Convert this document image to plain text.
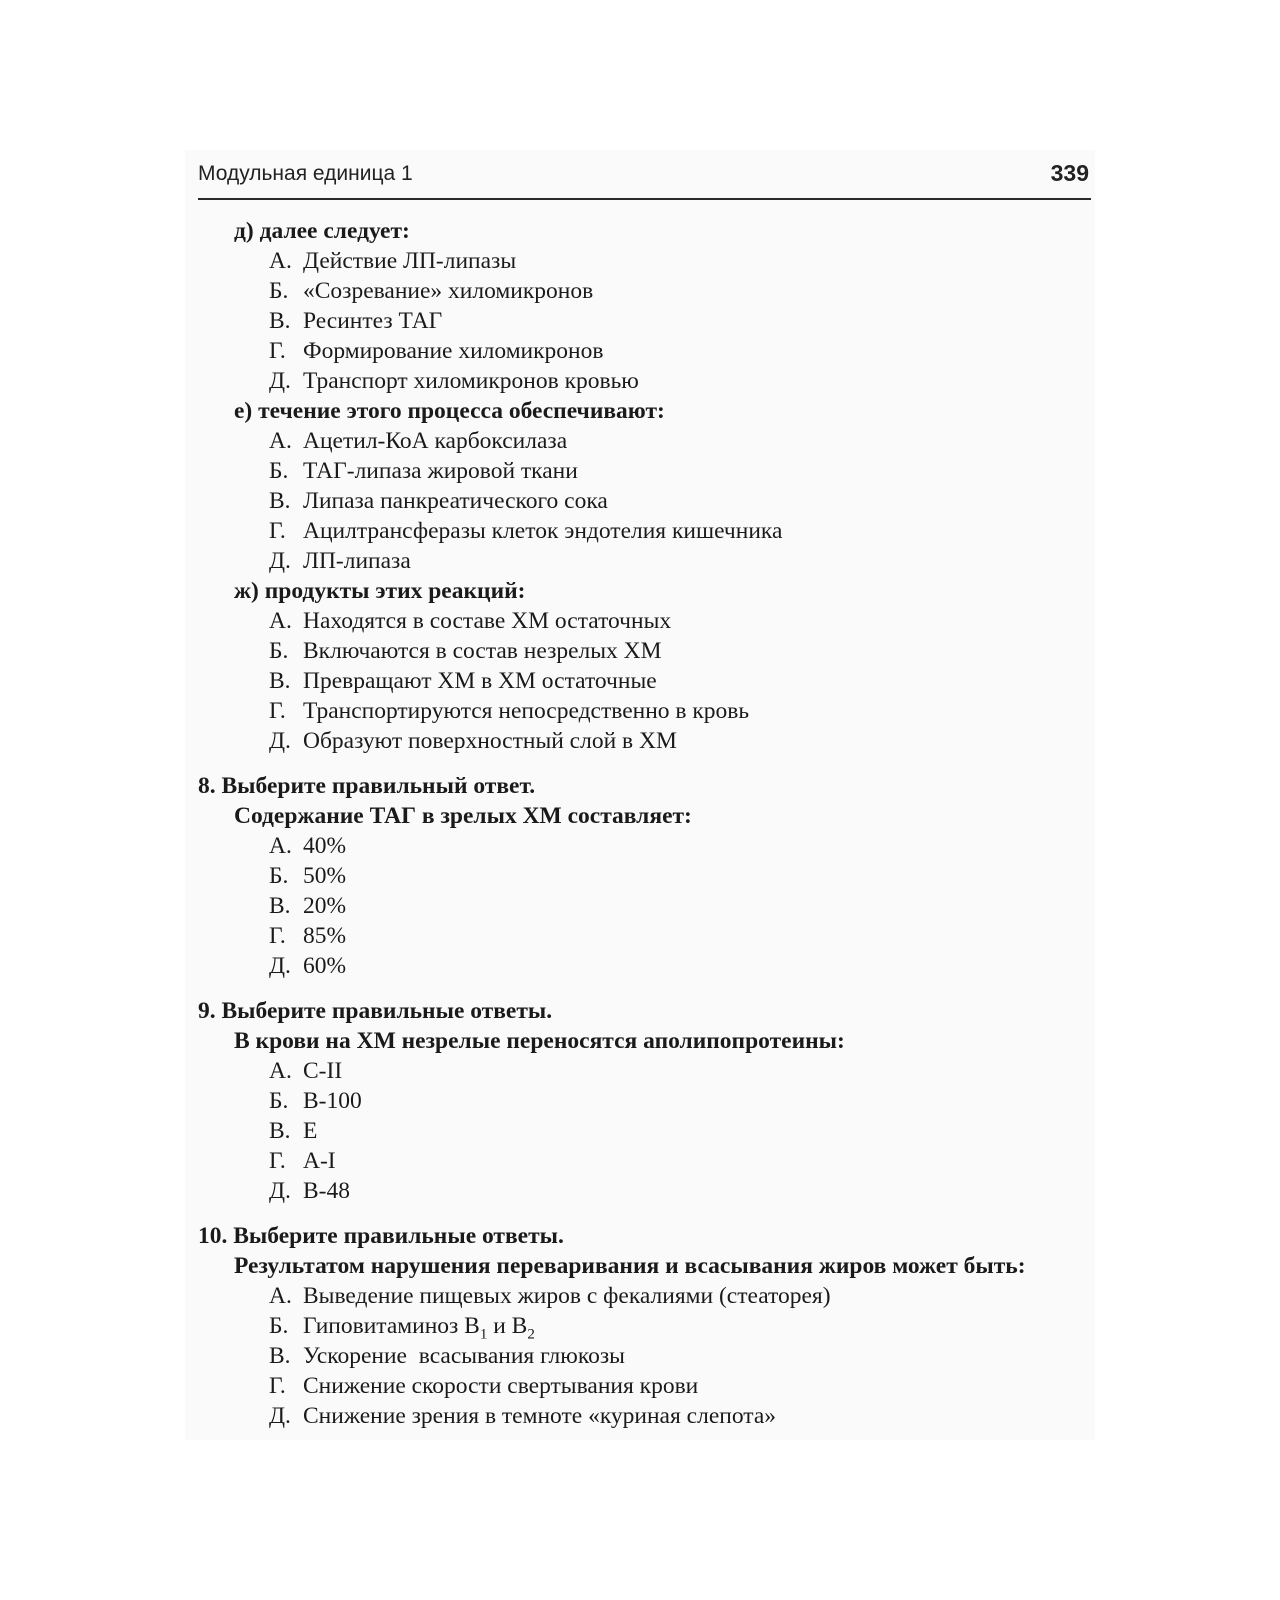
Модульная единица 1	339
д) далее следует:
А. Действие ЛП-липазы
Б. «Созревание» хиломикронов
В. Ресинтез ТАГ
Г. Формирование хиломикронов
Д. Транспорт хиломикронов кровью
е) течение этого процесса обеспечивают:
А. Ацетил-КоА карбоксилаза
Б. ТАГ-липаза жировой ткани
В. Липаза панкреатического сока
Г. Ацилтрансферазы клеток эндотелия кишечника
Д. ЛП-липаза
ж) продукты этих реакций:
А. Находятся в составе ХМ остаточных
Б. Включаются в состав незрелых ХМ
В. Превращают ХМ в ХМ остаточные
Г. Транспортируются непосредственно в кровь
Д. Образуют поверхностный слой в ХМ
8. Выберите правильный ответ.
Содержание ТАГ в зрелых ХМ составляет:
А. 40%
Б. 50%
В. 20%
Г. 85%
Д. 60%
9. Выберите правильные ответы.
В крови на ХМ незрелые переносятся аполипопротеины:
А. C-II
Б. B-100
В. E
Г. A-I
Д. B-48
10. Выберите правильные ответы.
Результатом нарушения переваривания и всасывания жиров может быть:
А. Выведение пищевых жиров с фекалиями (стеаторея)
Б. Гиповитаминоз $B_1$ и $B_2$
В. Ускорение  всасывания глюкозы
Г. Снижение скорости свертывания крови
Д. Снижение зрения в темноте «куриная слепота»
